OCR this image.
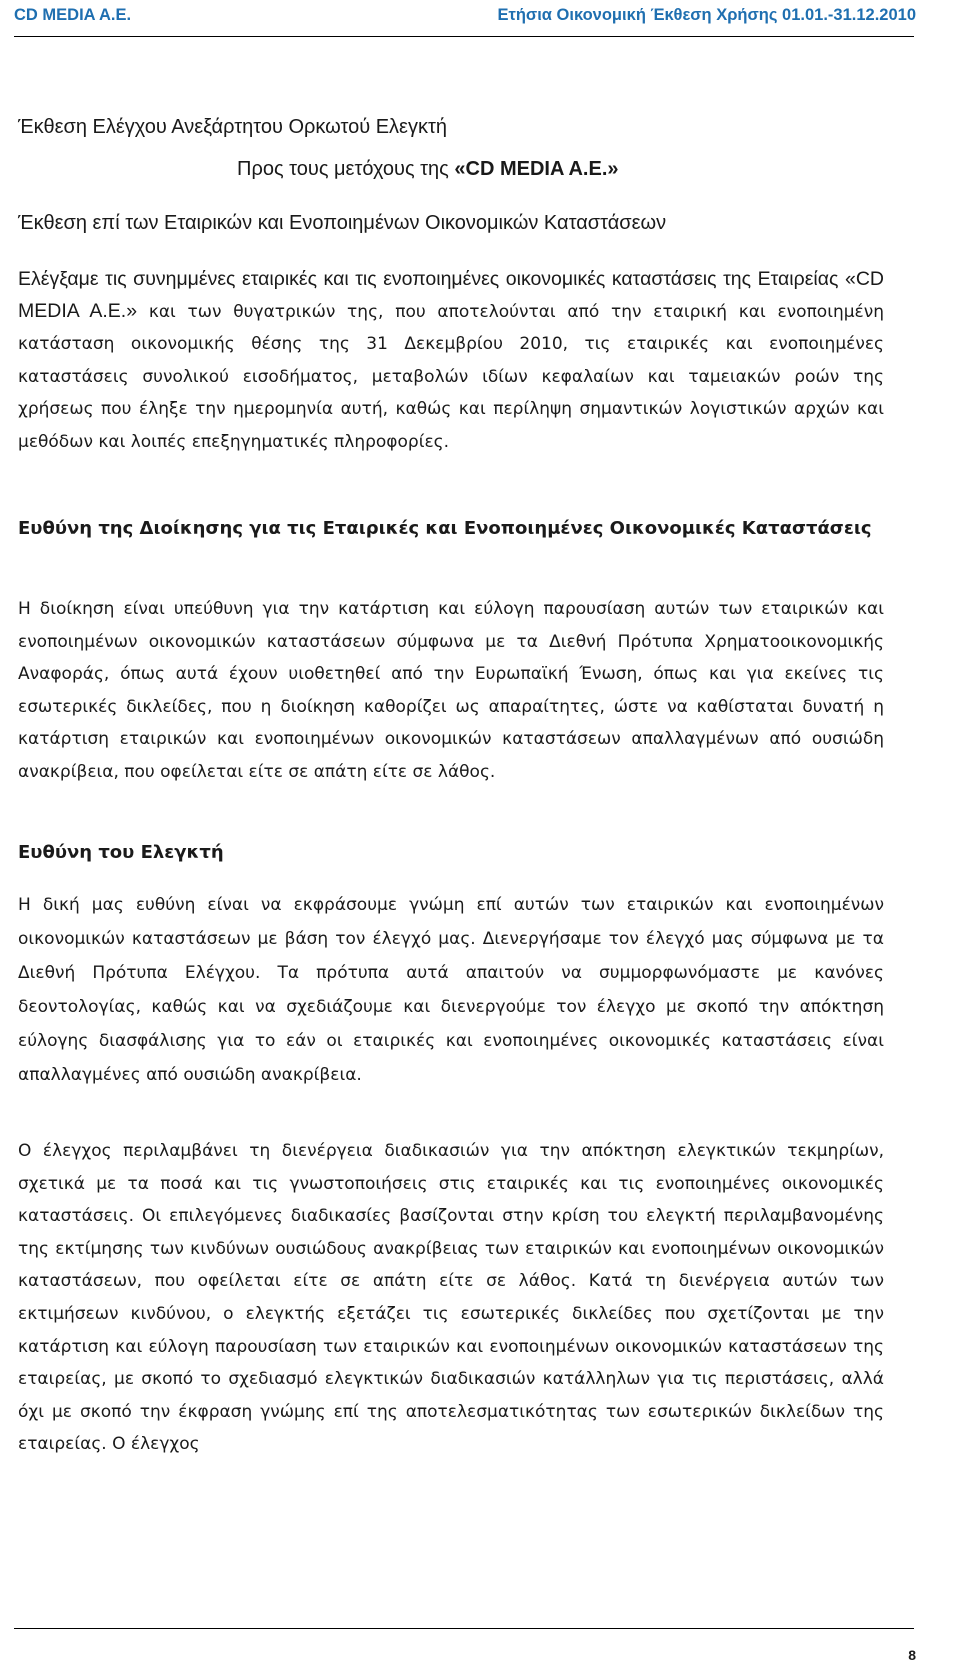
CD MEDIA A.E.	Ετήσια Οικονομική Έκθεση Χρήσης 01.01.-31.12.2010
Έκθεση Ελέγχου Ανεξάρτητου Ορκωτού Ελεγκτή
Προς τους μετόχους της «CD MEDIA A.E.»
Έκθεση επί των Εταιρικών και Ενοποιημένων Οικονομικών Καταστάσεων

Ελέγξαμε τις συνημμένες εταιρικές και τις ενοποιημένες οικονομικές καταστάσεις της Εταιρείας «CD MEDIA A.E.» και των θυγατρικών της, που αποτελούνται από την εταιρική και ενοποιημένη κατάσταση οικονομικής θέσης της 31 Δεκεμβρίου 2010, τις εταιρικές και ενοποιημένες καταστάσεις συνολικού εισοδήματος, μεταβολών ιδίων κεφαλαίων και ταμειακών ροών της χρήσεως που έληξε την ημερομηνία αυτή, καθώς και περίληψη σημαντικών λογιστικών αρχών και μεθόδων και λοιπές επεξηγηματικές πληροφορίες.

Ευθύνη της Διοίκησης για τις Εταιρικές και Ενοποιημένες Οικονομικές Καταστάσεις

Η διοίκηση είναι υπεύθυνη για την κατάρτιση και εύλογη παρουσίαση αυτών των εταιρικών και ενοποιημένων οικονομικών καταστάσεων σύμφωνα με τα Διεθνή Πρότυπα Χρηματοοικονομικής Αναφοράς, όπως αυτά έχουν υιοθετηθεί από την Ευρωπαϊκή Ένωση, όπως και για εκείνες τις εσωτερικές δικλείδες, που η διοίκηση καθορίζει ως απαραίτητες, ώστε να καθίσταται δυνατή η κατάρτιση εταιρικών και ενοποιημένων οικονομικών καταστάσεων απαλλαγμένων από ουσιώδη ανακρίβεια, που οφείλεται είτε σε απάτη είτε σε λάθος.

Ευθύνη του Ελεγκτή

Η δική μας ευθύνη είναι να εκφράσουμε γνώμη επί αυτών των εταιρικών και ενοποιημένων οικονομικών καταστάσεων με βάση τον έλεγχό μας. Διενεργήσαμε τον έλεγχό μας σύμφωνα με τα Διεθνή Πρότυπα Ελέγχου. Τα πρότυπα αυτά απαιτούν να συμμορφωνόμαστε με κανόνες δεοντολογίας, καθώς και να σχεδιάζουμε και διενεργούμε τον έλεγχο με σκοπό την απόκτηση εύλογης διασφάλισης για το εάν οι εταιρικές και ενοποιημένες οικονομικές καταστάσεις είναι απαλλαγμένες από ουσιώδη ανακρίβεια.

Ο έλεγχος περιλαμβάνει τη διενέργεια διαδικασιών για την απόκτηση ελεγκτικών τεκμηρίων, σχετικά με τα ποσά και τις γνωστοποιήσεις στις εταιρικές και τις ενοποιημένες οικονομικές καταστάσεις. Οι επιλεγόμενες διαδικασίες βασίζονται στην κρίση του ελεγκτή περιλαμβανομένης της εκτίμησης των κινδύνων ουσιώδους ανακρίβειας των εταιρικών και ενοποιημένων οικονομικών καταστάσεων, που οφείλεται είτε σε απάτη είτε σε λάθος. Κατά τη διενέργεια αυτών των εκτιμήσεων κινδύνου, ο ελεγκτής εξετάζει τις εσωτερικές δικλείδες που σχετίζονται με την κατάρτιση και εύλογη παρουσίαση των εταιρικών και ενοποιημένων οικονομικών καταστάσεων της εταιρείας, με σκοπό το σχεδιασμό ελεγκτικών διαδικασιών κατάλληλων για τις περιστάσεις, αλλά όχι με σκοπό την έκφραση γνώμης επί της αποτελεσματικότητας των εσωτερικών δικλείδων της εταιρείας. Ο έλεγχος

8
